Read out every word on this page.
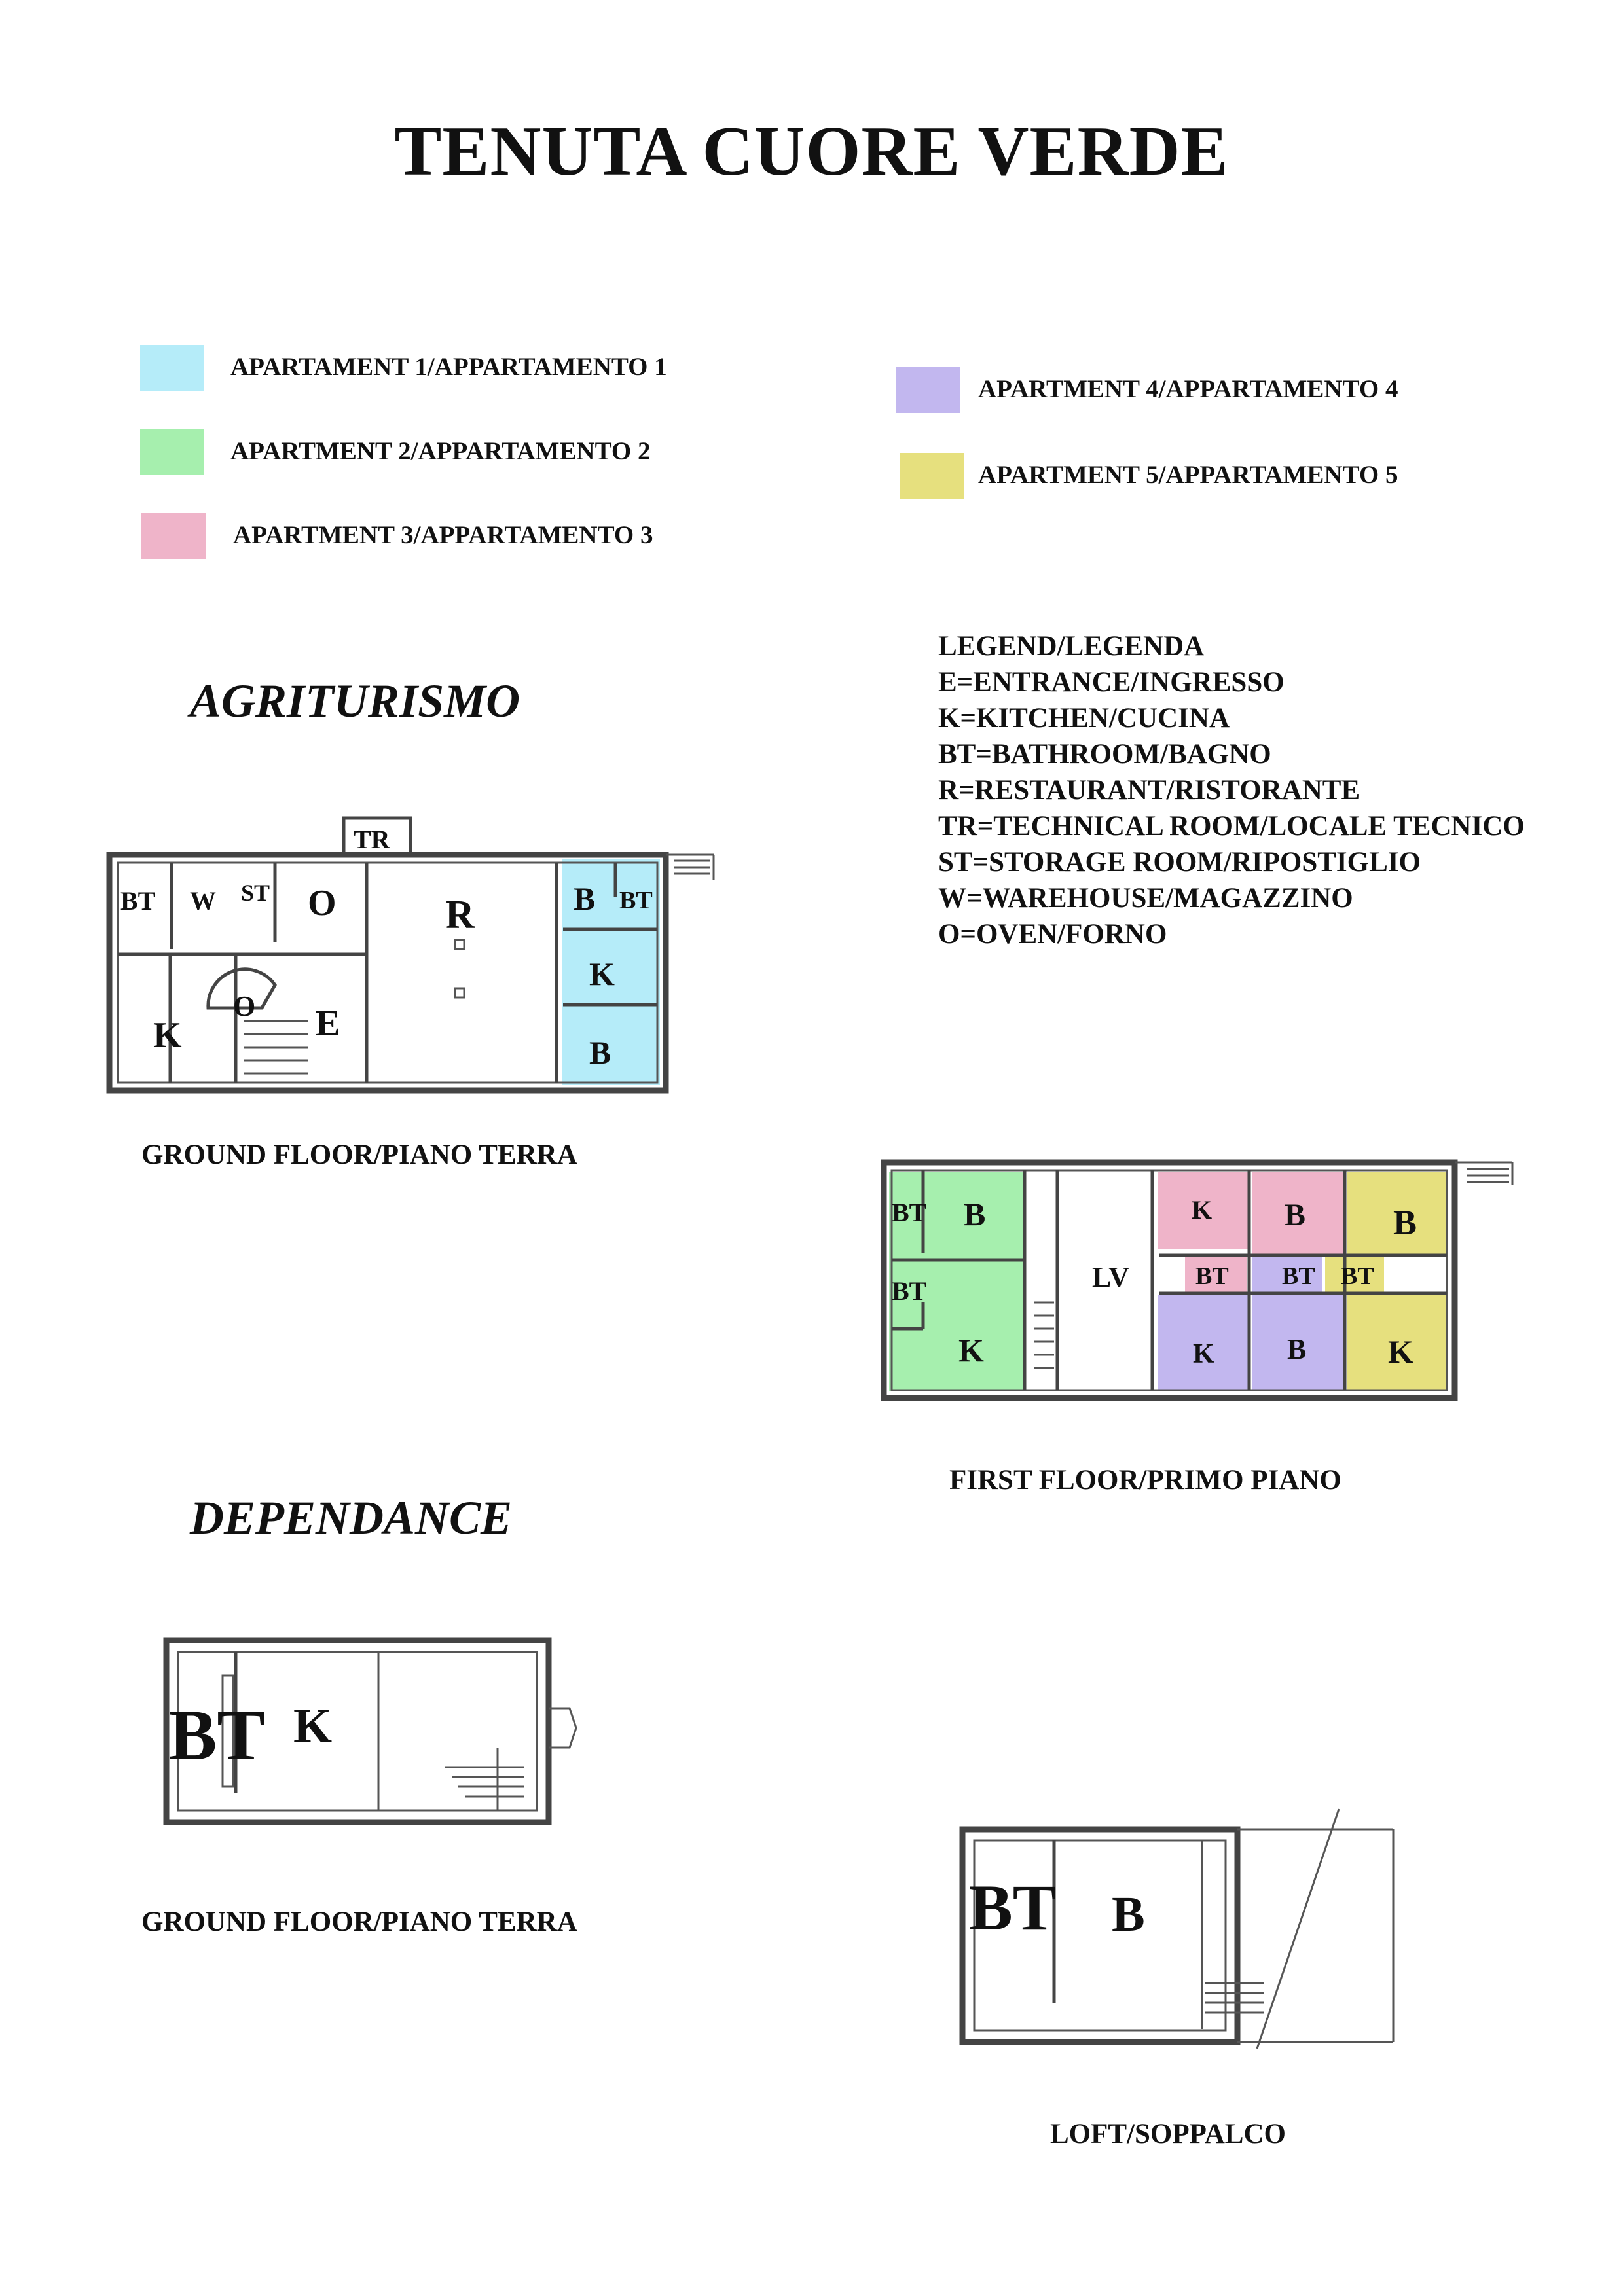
TENUTA CUORE VERDE
APARTAMENT 1/APPARTAMENTO 1
APARTMENT 2/APPARTAMENTO 2
APARTMENT 3/APPARTAMENTO 3
APARTMENT 4/APPARTAMENTO 4
APARTMENT 5/APPARTAMENTO 5
LEGEND/LEGENDA
E=ENTRANCE/INGRESSO
K=KITCHEN/CUCINA
BT=BATHROOM/BAGNO
R=RESTAURANT/RISTORANTE
TR=TECHNICAL ROOM/LOCALE TECNICO
ST=STORAGE ROOM/RIPOSTIGLIO
W=WAREHOUSE/MAGAZZINO
O=OVEN/FORNO
AGRITURISMO
DEPENDANCE
GROUND FLOOR/PIANO TERRA
FIRST FLOOR/PRIMO PIANO
GROUND FLOOR/PIANO TERRA
LOFT/SOPPALCO
TR
BT W ST O	R	B BT
K
B
O E
K
BT B
BT
K
LV
K B B
BT BT BT
K	B K
BT K
BT B
